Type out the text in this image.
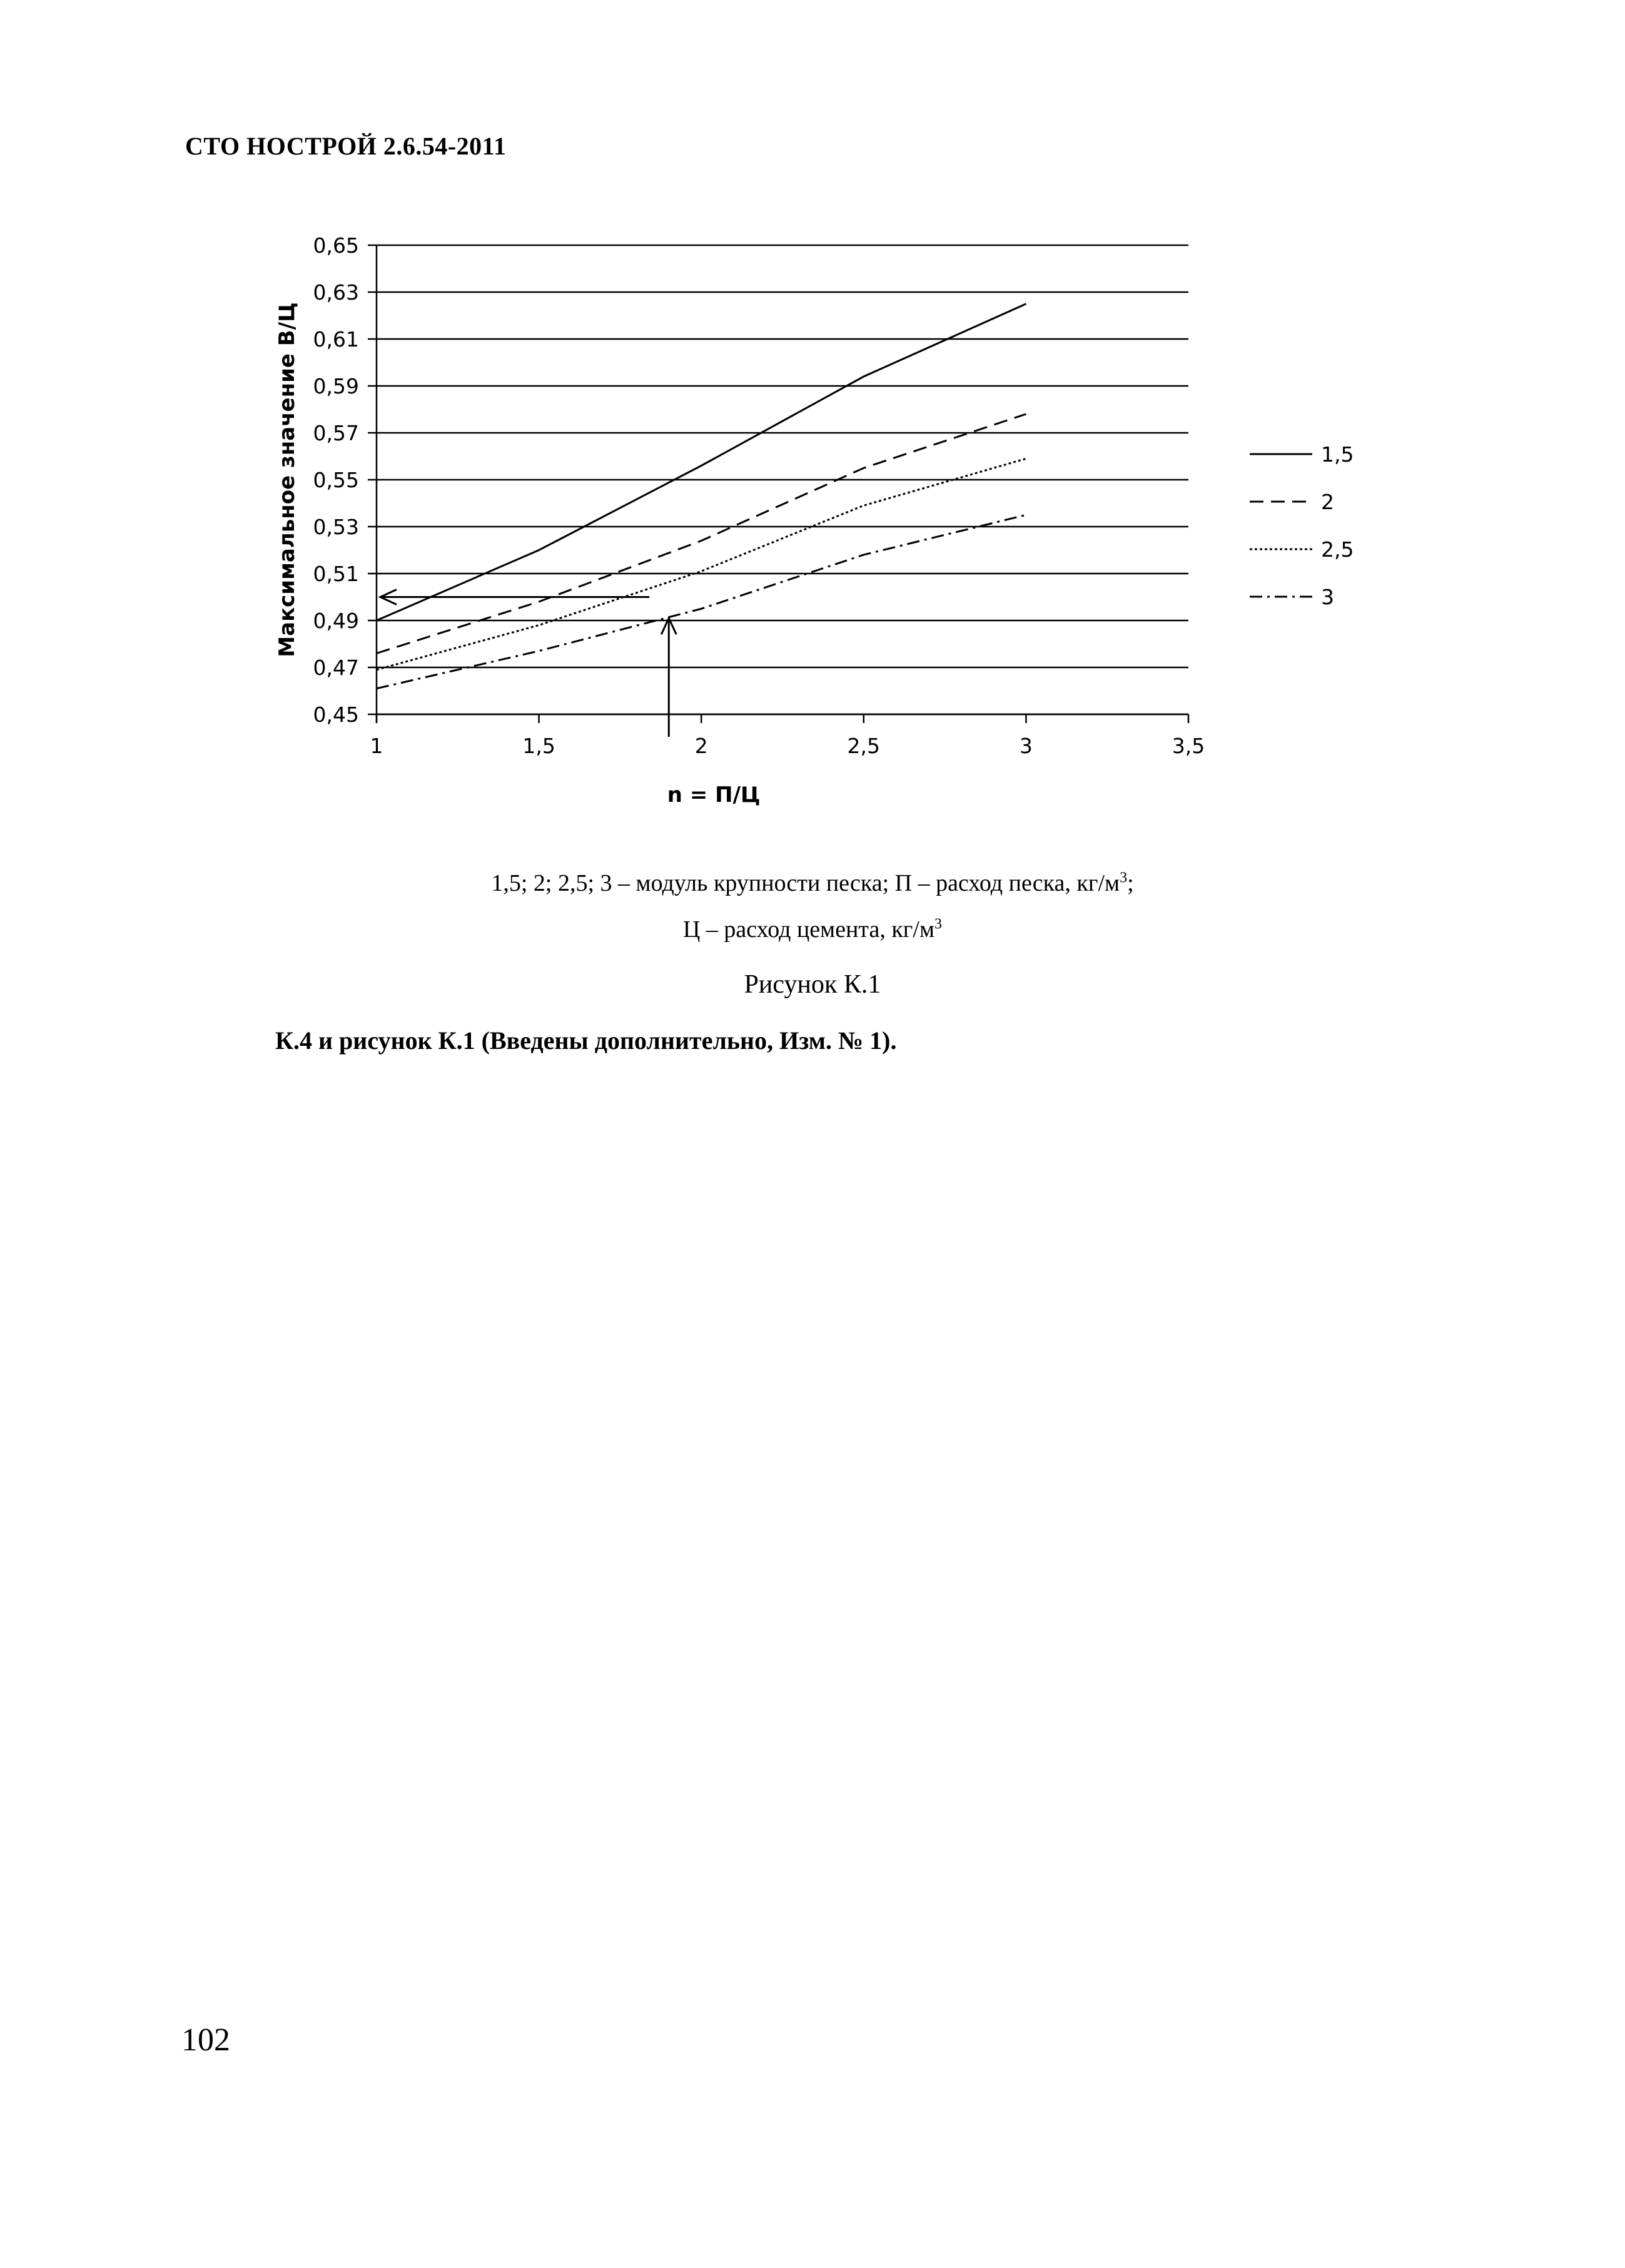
СТО НОСТРОЙ 2.6.54-2011
0,45
0,47
0,49
0,51
0,53
0,55
0,57
0,59
0,61
0,63
0,65
1	1,5	2	2,5	3	3,5
n = П/Ц
Максимальное значение В/Ц	1,5
2
2,5
3
1,5; 2; 2,5; 3 – модуль крупности песка; П – расход песка, $кг/м^3$;
Ц – расход цемента, $кг/м^3$
Рисунок К.1
К.4 и рисунок К.1 (Введены дополнительно, Изм. № 1).
102
